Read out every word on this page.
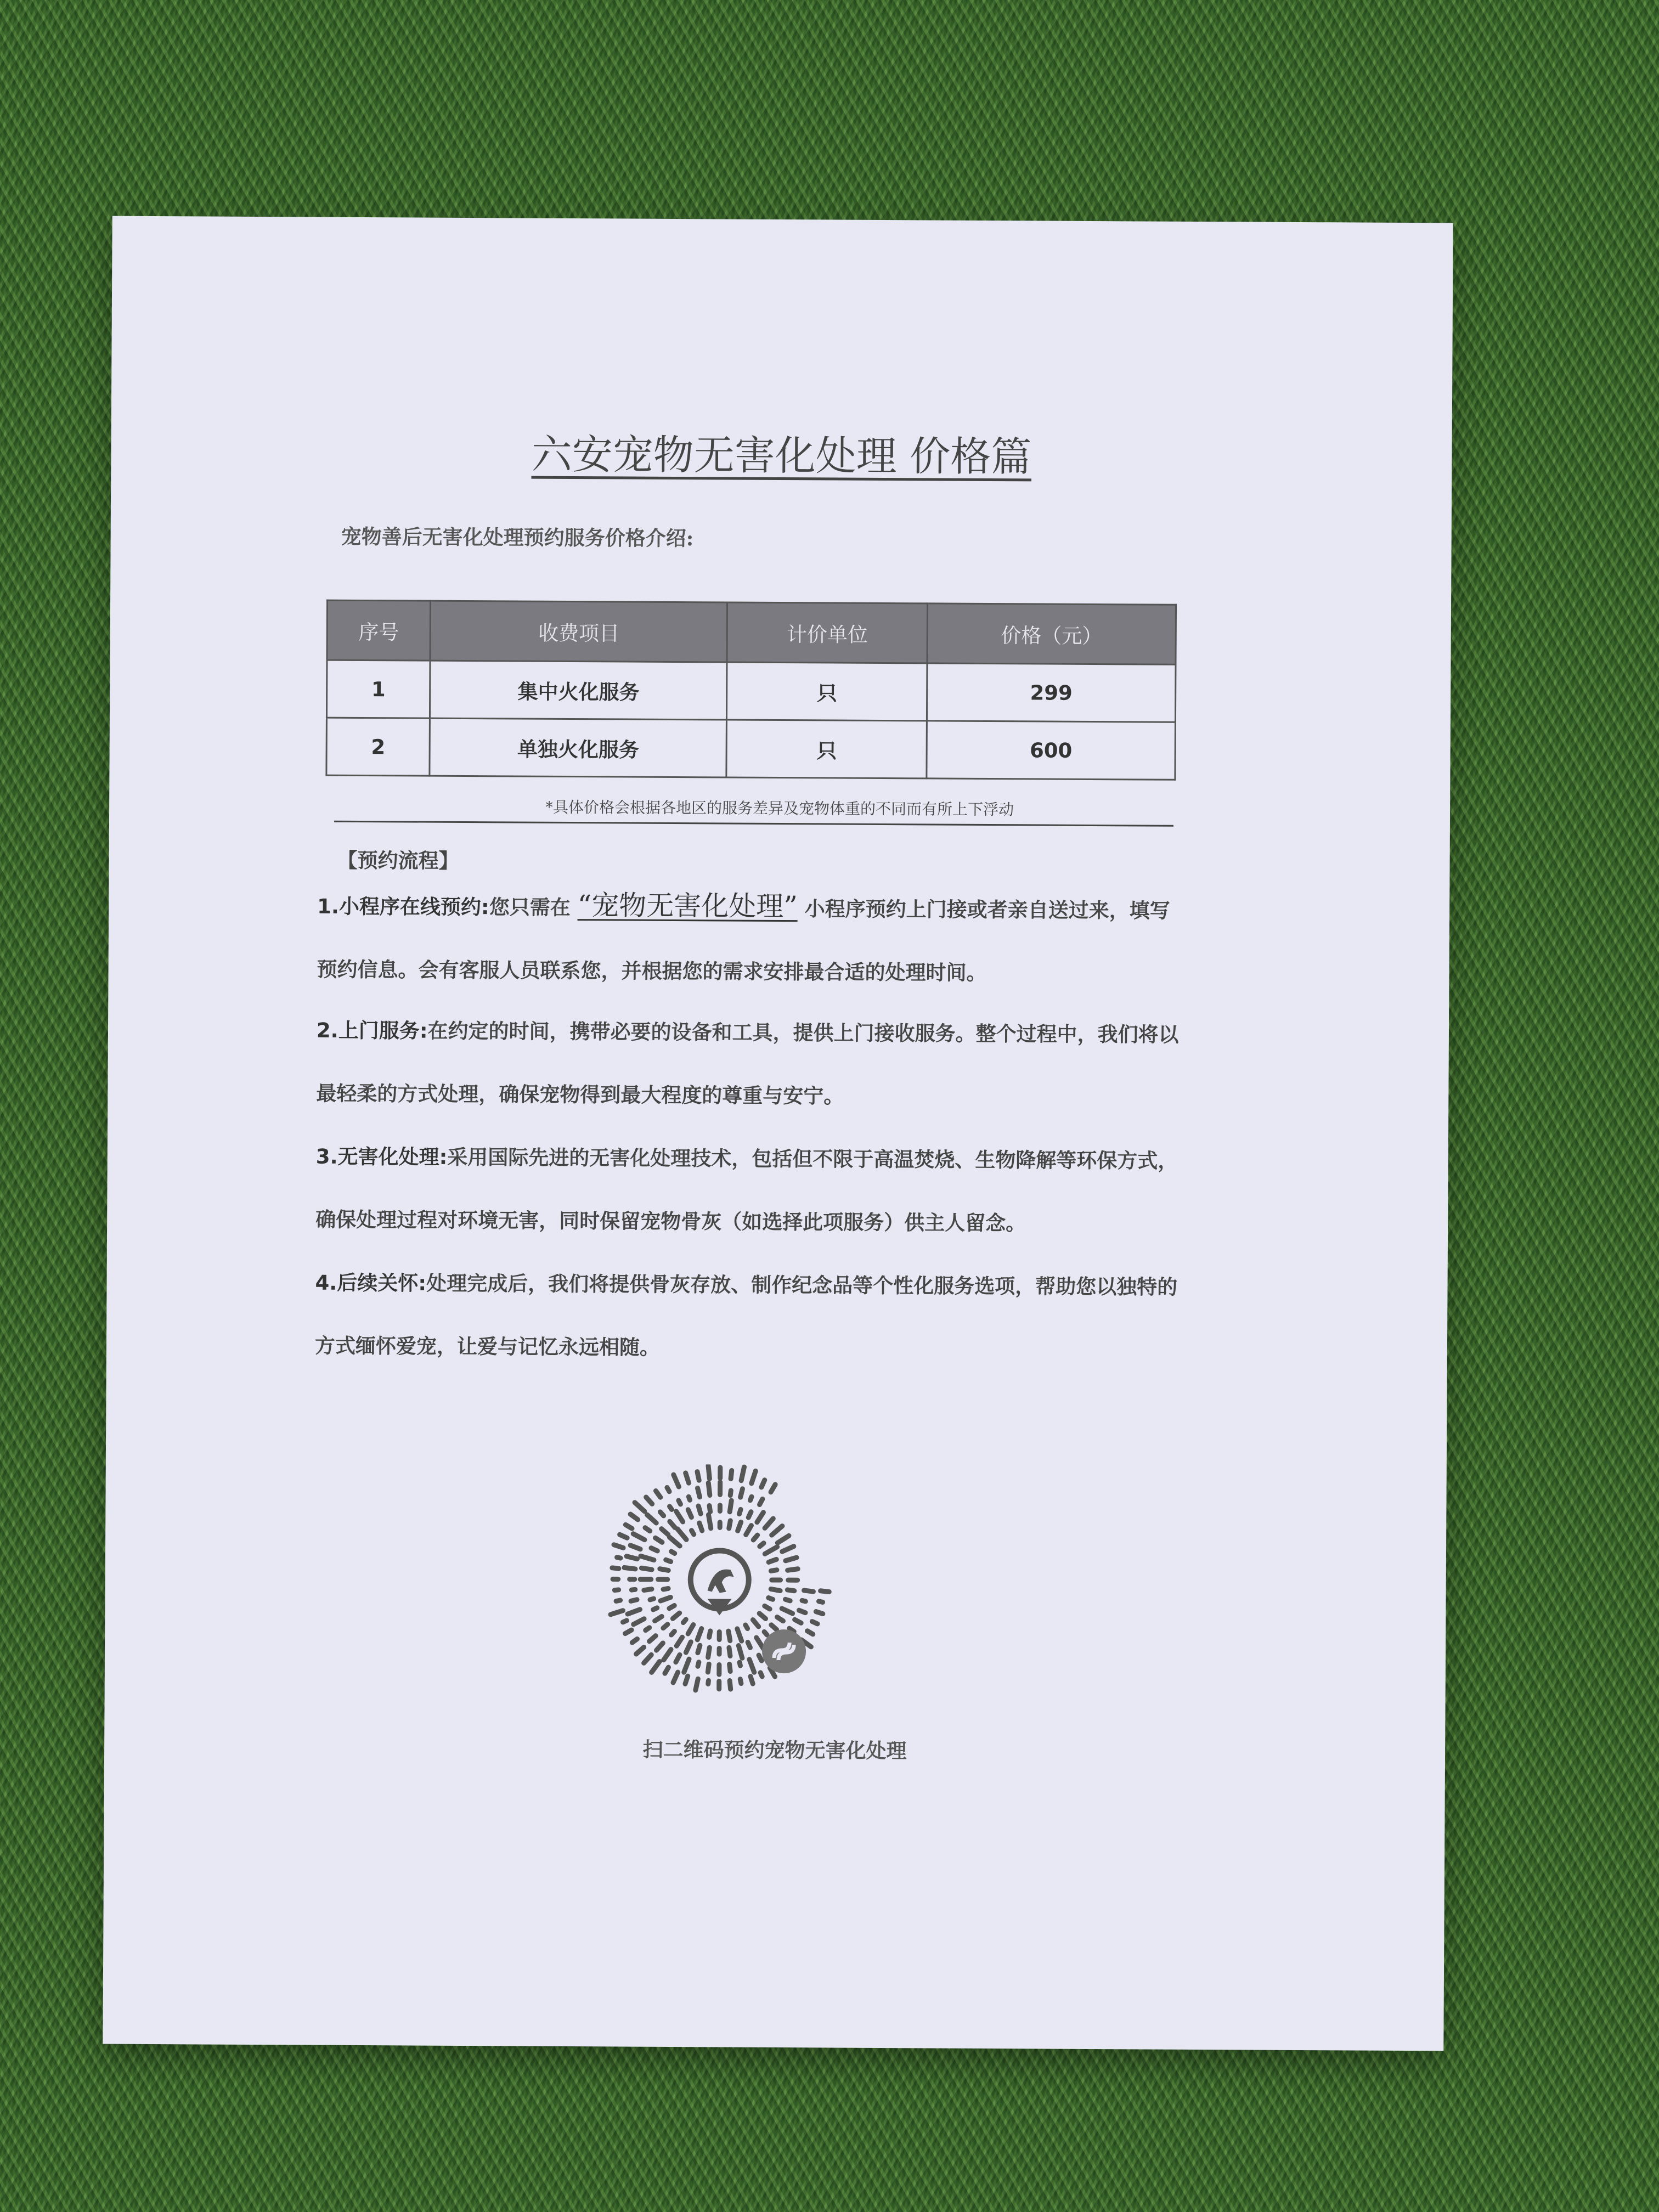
六安宠物无害化处理 价格篇
宠物善后无害化处理预约服务价格介绍:
序号	收费项目	计价单位	价格（元）
1	集中火化服务	只	299
2	单独火化服务	只	600
*具体价格会根据各地区的服务差异及宠物体重的不同而有所上下浮动
【预约流程】
1.小程序在线预约:您只需在 “宠物无害化处理” 小程序预约上门接或者亲自送过来，填写预约信息。会有客服人员联系您，并根据您的需求安排最合适的处理时间。
2.上门服务:在约定的时间，携带必要的设备和工具，提供上门接收服务。整个过程中，我们将以最轻柔的方式处理，确保宠物得到最大程度的尊重与安宁。
3.无害化处理:采用国际先进的无害化处理技术，包括但不限于高温焚烧、生物降解等环保方式，确保处理过程对环境无害，同时保留宠物骨灰（如选择此项服务）供主人留念。
4.后续关怀:处理完成后，我们将提供骨灰存放、制作纪念品等个性化服务选项，帮助您以独特的方式缅怀爱宠，让爱与记忆永远相随。
扫二维码预约宠物无害化处理
